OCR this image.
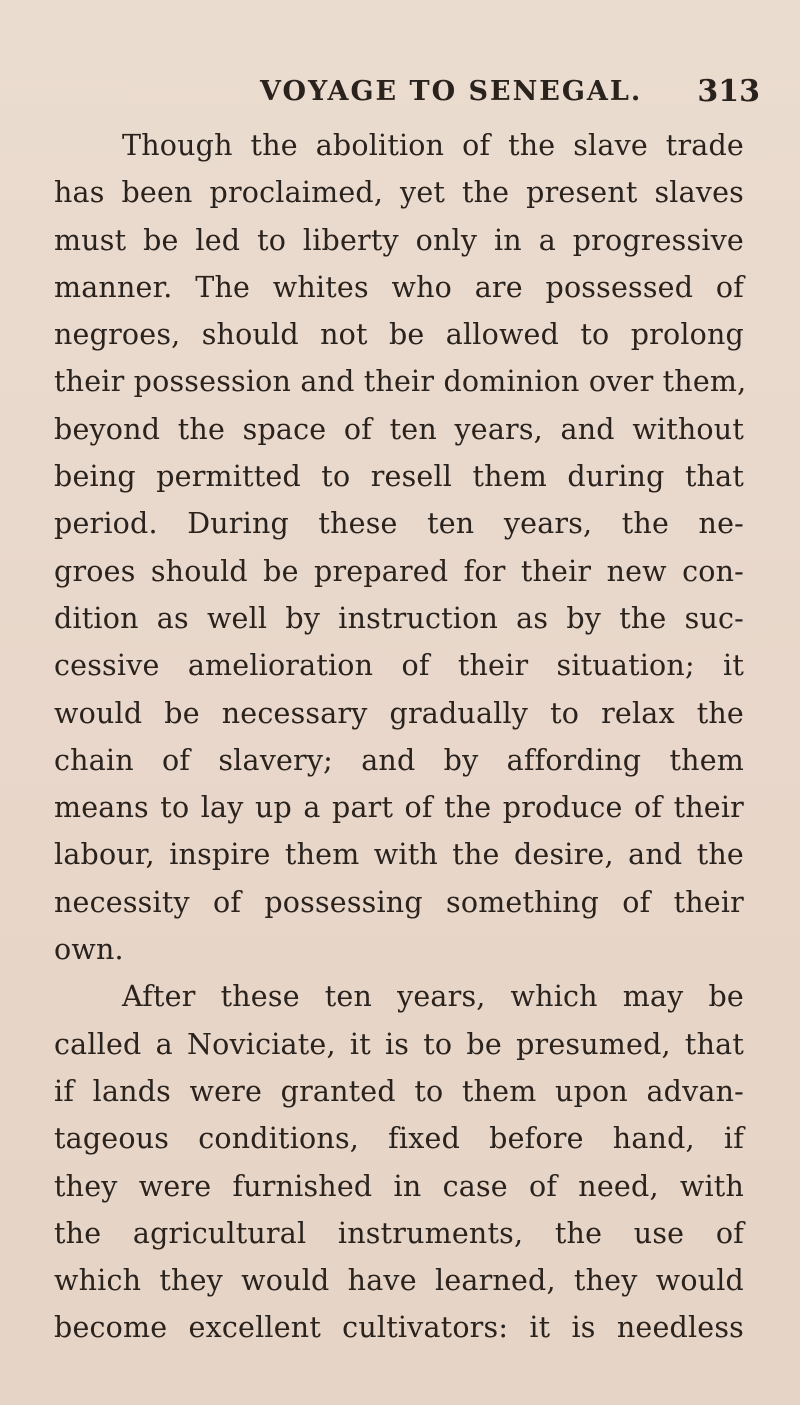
VOYAGE TO SENEGAL. 313
Though the abolition of the slave trade
has been proclaimed, yet the present slaves
must be led to liberty only in a progressive
manner. The whites who are possessed of
negroes, should not be allowed to prolong
their possession and their dominion over them,
beyond the space of ten years, and without
being permitted to resell them during that
period. During these ten years, the ne-
groes should be prepared for their new con-
dition as well by instruction as by the suc-
cessive amelioration of their situation; it
would be necessary gradually to relax the
chain of slavery; and by affording them
means to lay up a part of the produce of their
labour, inspire them with the desire, and the
necessity of possessing something of their
own.
After these ten years, which may be
called a Noviciate, it is to be presumed, that
if lands were granted to them upon advan-
tageous conditions, fixed before hand, if
they were furnished in case of need, with
the agricultural instruments, the use of
which they would have learned, they would
become excellent cultivators: it is needless
